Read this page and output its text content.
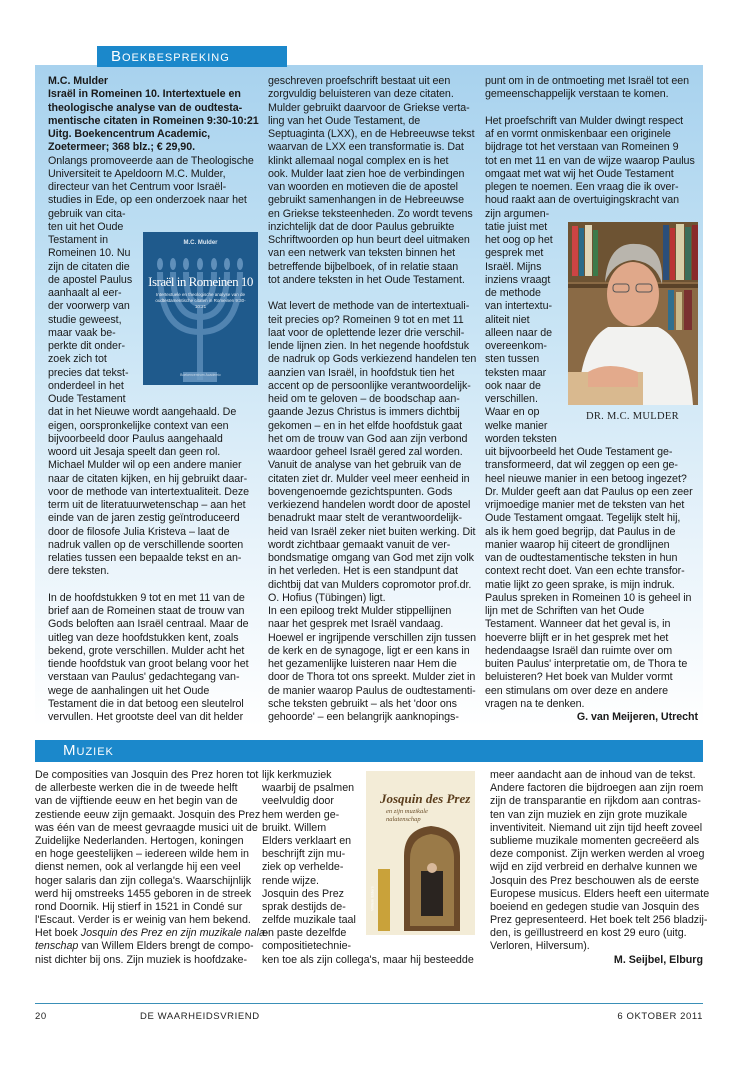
Boekbespreking
M.C. Mulder
Israël in Romeinen 10. Intertextuele en
theologische analyse van de oudtesta-
mentische citaten in Romeinen 9:30-10:21
Uitg. Boekencentrum Academic,
Zoetermeer; 368 blz.; € 29,90.
Onlangs promoveerde aan de Theologische
Universiteit te Apeldoorn M.C. Mulder,
directeur van het Centrum voor Israël-
studies in Ede, op een onderzoek naar het
gebruik van cita-
ten uit het Oude
Testament in
Romeinen 10. Nu
zijn de citaten die
de apostel Paulus
aanhaalt al eer-
der voorwerp van
studie geweest,
maar vaak be-
perkte dit onder-
zoek zich tot
precies dat tekst-
onderdeel in het
Oude Testament
dat in het Nieuwe wordt aangehaald. De
eigen, oorspronkelijke context van een
bijvoorbeeld door Paulus aangehaald
woord uit Jesaja speelt dan geen rol.
Michael Mulder wil op een andere manier
naar de citaten kijken, en hij gebruikt daar-
voor de methode van intertextualiteit. Deze
term uit de literatuurwetenschap – aan het
einde van de jaren zestig geïntroduceerd
door de filosofe Julia Kristeva – laat de
nadruk vallen op de verschillende soorten
relaties tussen een bepaalde tekst en an-
dere teksten.
In de hoofdstukken 9 tot en met 11 van de
brief aan de Romeinen staat de trouw van
Gods beloften aan Israël centraal. Maar de
uitleg van deze hoofdstukken kent, zoals
bekend, grote verschillen. Mulder acht het
tiende hoofdstuk van groot belang voor het
verstaan van Paulus' gedachtegang van-
wege de aanhalingen uit het Oude
Testament die in dat betoog een sleutelrol
vervullen. Het grootste deel van dit helder
M.C. Mulder
Israël in Romeinen 10
Intertextuele en theologische analyse van de oudtestamentische citaten in Romeinen 9:30-10:21
Boekencentrum Academic
geschreven proefschrift bestaat uit een
zorgvuldig beluisteren van deze citaten.
Mulder gebruikt daarvoor de Griekse verta-
ling van het Oude Testament, de
Septuaginta (LXX), en de Hebreeuwse tekst
waarvan de LXX een transformatie is. Dat
klinkt allemaal nogal complex en is het
ook. Mulder laat zien hoe de verbindingen
van woorden en motieven die de apostel
gebruikt samenhangen in de Hebreeuwse
en Griekse teksteenheden. Zo wordt tevens
inzichtelijk dat de door Paulus gebruikte
Schriftwoorden op hun beurt deel uitmaken
van een netwerk van teksten binnen het
betreffende bijbelboek, of in relatie staan
tot andere teksten in het Oude Testament.
Wat levert de methode van de intertextuali-
teit precies op? Romeinen 9 tot en met 11
laat voor de oplettende lezer drie verschil-
lende lijnen zien. In het negende hoofdstuk
de nadruk op Gods verkiezend handelen ten
aanzien van Israël, in hoofdstuk tien het
accent op de persoonlijke verantwoordelijk-
heid om te geloven – de boodschap aan-
gaande Jezus Christus is immers dichtbij
gekomen – en in het elfde hoofdstuk gaat
het om de trouw van God aan zijn verbond
waardoor geheel Israël gered zal worden.
Vanuit de analyse van het gebruik van de
citaten ziet dr. Mulder veel meer eenheid in
bovengenoemde gezichtspunten. Gods
verkiezend handelen wordt door de apostel
benadrukt maar stelt de verantwoordelijk-
heid van Israël zeker niet buiten werking. Dit
wordt zichtbaar gemaakt vanuit de ver-
bondsmatige omgang van God met zijn volk
in het verleden. Het is een standpunt dat
dichtbij dat van Mulders copromotor prof.dr.
O. Hofius (Tübingen) ligt.
In een epiloog trekt Mulder stippellijnen
naar het gesprek met Israël vandaag.
Hoewel er ingrijpende verschillen zijn tussen
de kerk en de synagoge, ligt er een kans in
het gezamenlijke luisteren naar Hem die
door de Thora tot ons spreekt. Mulder ziet in
de manier waarop Paulus de oudtestamenti-
sche teksten gebruikt – als het 'door ons
gehoorde' – een belangrijk aanknopings-
punt om in de ontmoeting met Israël tot een
gemeenschappelijk verstaan te komen.
Het proefschrift van Mulder dwingt respect
af en vormt onmiskenbaar een originele
bijdrage tot het verstaan van Romeinen 9
tot en met 11 en van de wijze waarop Paulus
omgaat met wat wij het Oude Testament
plegen te noemen. Een vraag die ik over-
houd raakt aan de overtuigingskracht van
zijn argumen-
tatie juist met
het oog op het
gesprek met
Israël. Mijns
inziens vraagt
de methode
van intertextu-
aliteit niet
alleen naar de
overeenkom-
sten tussen
teksten maar
ook naar de
verschillen.
Waar en op
welke manier
worden teksten
uit bijvoorbeeld het Oude Testament ge-
transformeerd, dat wil zeggen op een ge-
heel nieuwe manier in een betoog ingezet?
Dr. Mulder geeft aan dat Paulus op een zeer
vrijmoedige manier met de teksten van het
Oude Testament omgaat. Tegelijk stelt hij,
als ik hem goed begrijp, dat Paulus in de
manier waarop hij citeert de grondlijnen
van de oudtestamentische teksten in hun
context recht doet. Van een echte transfor-
matie lijkt zo geen sprake, is mijn indruk.
Paulus spreken in Romeinen 10 is geheel in
lijn met de Schriften van het Oude
Testament. Wanneer dat het geval is, in
hoeverre blijft er in het gesprek met het
hedendaagse Israël dan ruimte over om
buiten Paulus' interpretatie om, de Thora te
beluisteren? Het boek van Mulder vormt
een stimulans om over deze en andere
vragen na te denken.
G. van Meijeren, Utrecht
DR. M.C. MULDER
Muziek
De composities van Josquin des Prez horen tot
de allerbeste werken die in de tweede helft
van de vijftiende eeuw en het begin van de
zestiende eeuw zijn gemaakt. Josquin des Prez
was één van de meest gevraagde musici uit de
Zuidelijke Nederlanden. Hertogen, koningen
en hoge geestelijken – iedereen wilde hem in
dienst nemen, ook al verlangde hij een veel
hoger salaris dan zijn collega's. Waarschijnlijk
werd hij omstreeks 1455 geboren in de streek
rond Doornik. Hij stierf in 1521 in Condé sur
l'Escaut. Verder is er weinig van hem bekend.
Het boek Josquin des Prez en zijn muzikale nala-
tenschap van Willem Elders brengt de compo-
nist dichter bij ons. Zijn muziek is hoofdzake-
lijk kerkmuziek
waarbij de psalmen
veelvuldig door
hem werden ge-
bruikt. Willem
Elders verklaart en
beschrijft zijn mu-
ziek op verhelde-
rende wijze.
Josquin des Prez
sprak destijds de-
zelfde muzikale taal
en paste dezelfde
compositietechnie-
ken toe als zijn collega's, maar hij besteedde
Josquin des Prez
en zijn muzikale nalatenschap
Willem Elders
meer aandacht aan de inhoud van de tekst.
Andere factoren die bijdroegen aan zijn roem
zijn de transparantie en rijkdom aan contras-
ten van zijn muziek en zijn grote muzikale
inventiviteit. Niemand uit zijn tijd heeft zoveel
sublieme muzikale momenten gecreëerd als
deze componist. Zijn werken werden al vroeg
wijd en zijd verbreid en derhalve kunnen we
Josquin des Prez beschouwen als de eerste
Europese musicus. Elders heeft een uitermate
boeiend en gedegen studie van Josquin des
Prez gepresenteerd. Het boek telt 256 bladzij-
den, is geïllustreerd en kost 29 euro (uitg.
Verloren, Hilversum).
M. Seijbel, Elburg
20	DE WAARHEIDSVRIEND	6 OKTOBER 2011
